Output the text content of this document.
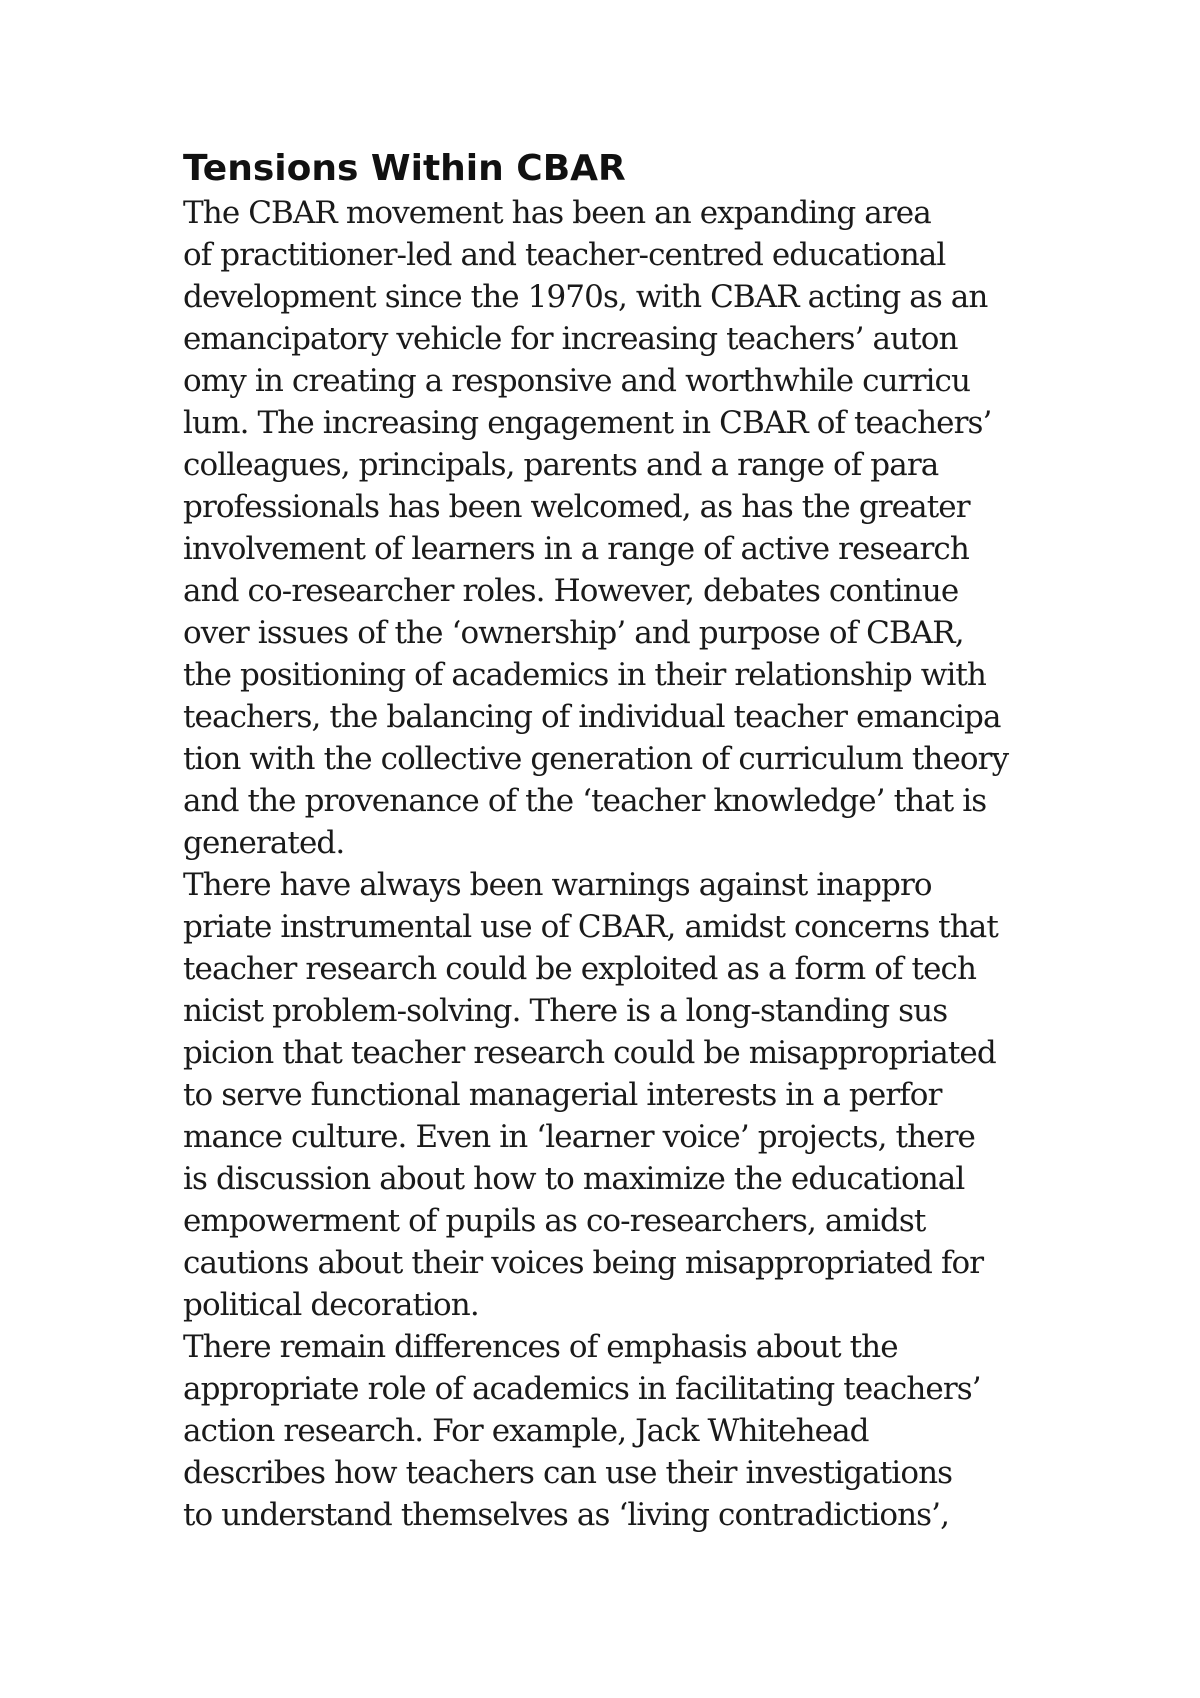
Tensions Within CBAR

The CBAR movement has been an expanding area
of practitioner-led and teacher-centred educational
development since the 1970s, with CBAR acting as an
emancipatory vehicle for increasing teachers’ auton
omy in creating a responsive and worthwhile curricu
lum. The increasing engagement in CBAR of teachers’
colleagues, principals, parents and a range of para
professionals has been welcomed, as has the greater
involvement of learners in a range of active research
and co-researcher roles. However, debates continue
over issues of the ‘ownership’ and purpose of CBAR,
the positioning of academics in their relationship with
teachers, the balancing of individual teacher emancipa
tion with the collective generation of curriculum theory
and the provenance of the ‘teacher knowledge’ that is
generated.

There have always been warnings against inappro
priate instrumental use of CBAR, amidst concerns that
teacher research could be exploited as a form of tech
nicist problem-solving. There is a long-standing sus
picion that teacher research could be misappropriated
to serve functional managerial interests in a perfor
mance culture. Even in ‘learner voice’ projects, there
is discussion about how to maximize the educational
empowerment of pupils as co-researchers, amidst
cautions about their voices being misappropriated for
political decoration.

There remain differences of emphasis about the
appropriate role of academics in facilitating teachers’
action research. For example, Jack Whitehead
describes how teachers can use their investigations
to understand themselves as ‘living contradictions’,
